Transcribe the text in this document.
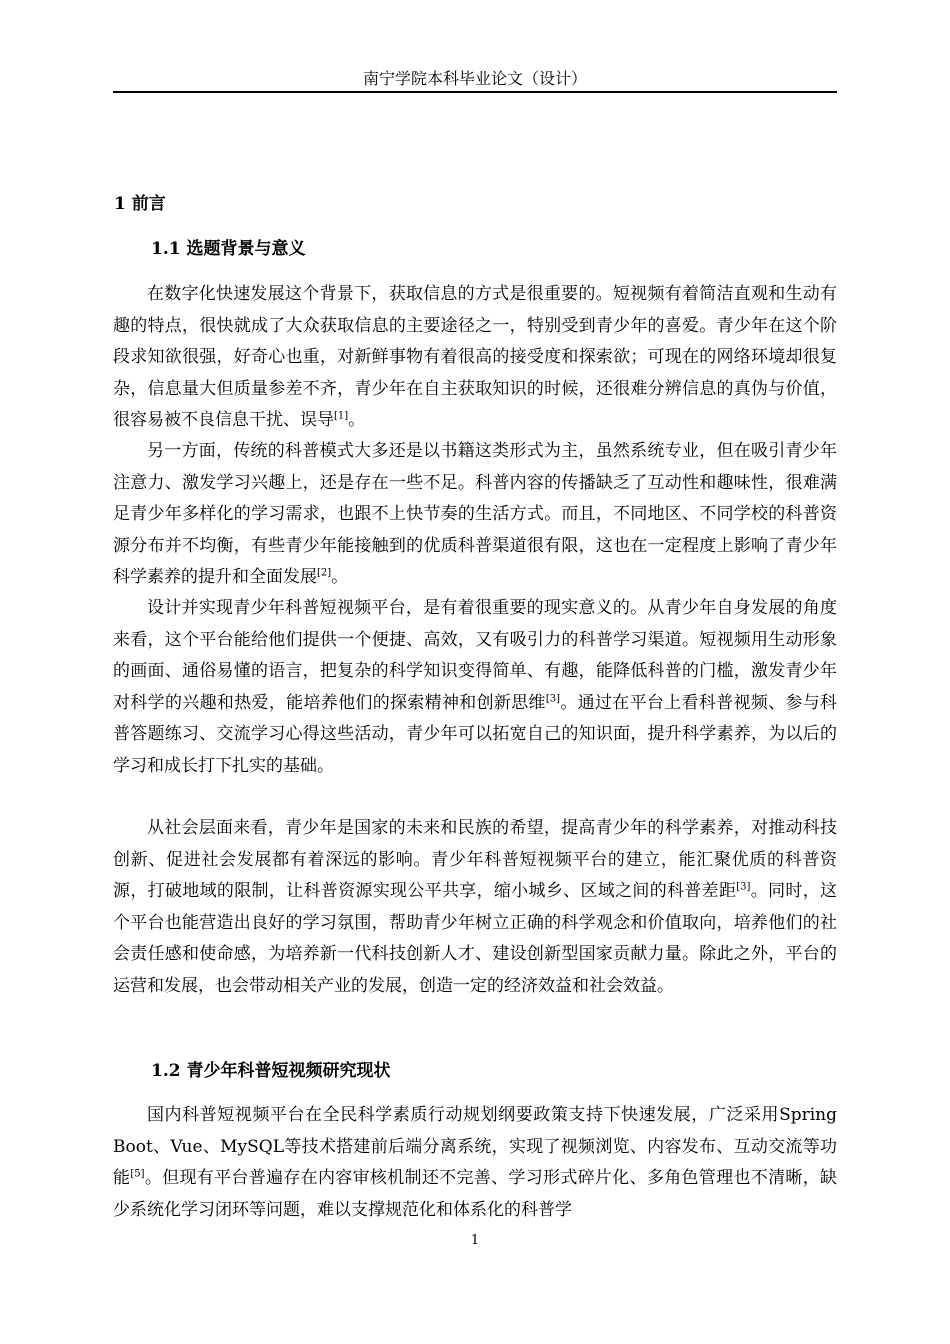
南宁学院本科毕业论文（设计）
1 前言
1.1 选题背景与意义

在数字化快速发展这个背景下，获取信息的方式是很重要的。短视频有着简洁直观和生动有趣的特点，很快就成了大众获取信息的主要途径之一，特别受到青少年的喜爱。青少年在这个阶段求知欲很强，好奇心也重，对新鲜事物有着很高的接受度和探索欲；可现在的网络环境却很复杂，信息量大但质量参差不齐，青少年在自主获取知识的时候，还很难分辨信息的真伪与价值，很容易被不良信息干扰、误导[1]。

另一方面，传统的科普模式大多还是以书籍这类形式为主，虽然系统专业，但在吸引青少年注意力、激发学习兴趣上，还是存在一些不足。科普内容的传播缺乏了互动性和趣味性，很难满足青少年多样化的学习需求，也跟不上快节奏的生活方式。而且，不同地区、不同学校的科普资源分布并不均衡，有些青少年能接触到的优质科普渠道很有限，这也在一定程度上影响了青少年科学素养的提升和全面发展[2]。

设计并实现青少年科普短视频平台，是有着很重要的现实意义的。从青少年自身发展的角度来看，这个平台能给他们提供一个便捷、高效，又有吸引力的科普学习渠道。短视频用生动形象的画面、通俗易懂的语言，把复杂的科学知识变得简单、有趣，能降低科普的门槛，激发青少年对科学的兴趣和热爱，能培养他们的探索精神和创新思维[3]。通过在平台上看科普视频、参与科普答题练习、交流学习心得这些活动，青少年可以拓宽自己的知识面，提升科学素养，为以后的学习和成长打下扎实的基础。

从社会层面来看，青少年是国家的未来和民族的希望，提高青少年的科学素养，对推动科技创新、促进社会发展都有着深远的影响。青少年科普短视频平台的建立，能汇聚优质的科普资源，打破地域的限制，让科普资源实现公平共享，缩小城乡、区域之间的科普差距[3]。同时，这个平台也能营造出良好的学习氛围，帮助青少年树立正确的科学观念和价值取向，培养他们的社会责任感和使命感，为培养新一代科技创新人才、建设创新型国家贡献力量。除此之外，平台的运营和发展，也会带动相关产业的发展，创造一定的经济效益和社会效益。

1.2 青少年科普短视频研究现状

国内科普短视频平台在全民科学素质行动规划纲要政策支持下快速发展，广泛采用Spring Boot、Vue、MySQL等技术搭建前后端分离系统，实现了视频浏览、内容发布、互动交流等功能[5]。但现有平台普遍存在内容审核机制还不完善、学习形式碎片化、多角色管理也不清晰，缺少系统化学习闭环等问题，难以支撑规范化和体系化的科普学

1
